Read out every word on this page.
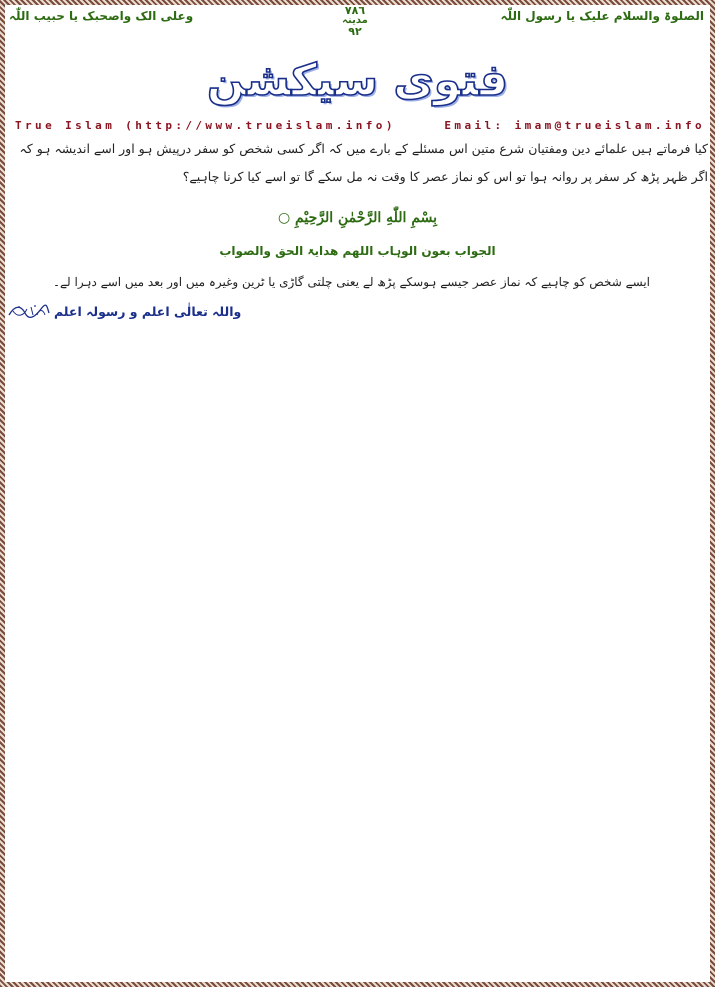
الصلوۃ والسلام علیک یا رسول اللّٰہ
٧٨٦
مدینہ
٩٢
وعلی الک واصحبک یا حبیب اللّٰہ
فتوی سیکشن
True Islam (http://www.trueislam.info)	Email: imam@trueislam.info
کیا فرماتے ہیں علمائے دین ومفتیان شرع متین اس مسئلے کے بارے میں کہ اگر کسی شخص کو سفر درپیش ہو اور اسے اندیشہ ہو کہ اگر ظہر پڑھ کر سفر پر روانہ ہوا تو اس کو نماز عصر کا وقت نہ مل سکے گا تو اسے کیا کرنا چاہیے؟
بِسْمِ اللّٰهِ الرَّحْمٰنِ الرَّحِيْمِ ○
الجواب بعون الوہاب اللھم ھدایۃ الحق والصواب
ایسے شخص کو چاہیے کہ نماز عصر جیسے ہوسکے پڑھ لے یعنی چلتی گاڑی یا ٹرین وغیرہ میں اور بعد میں اسے دہرا لے۔
واللہ تعالٰی اعلم و رسولہ اعلم
